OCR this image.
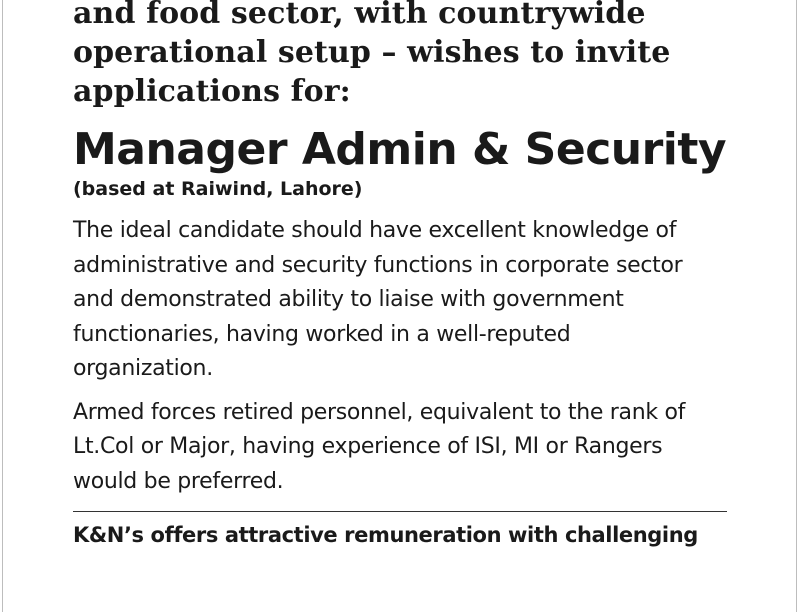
and food sector, with countrywide
operational setup – wishes to invite
applications for:

Manager Admin & Security
(based at Raiwind, Lahore)

The ideal candidate should have excellent knowledge of
administrative and security functions in corporate sector
and demonstrated ability to liaise with government
functionaries, having worked in a well-reputed
organization.

Armed forces retired personnel, equivalent to the rank of
Lt.Col or Major, having experience of ISI, MI or Rangers
would be preferred.

K&N’s offers attractive remuneration with challenging
